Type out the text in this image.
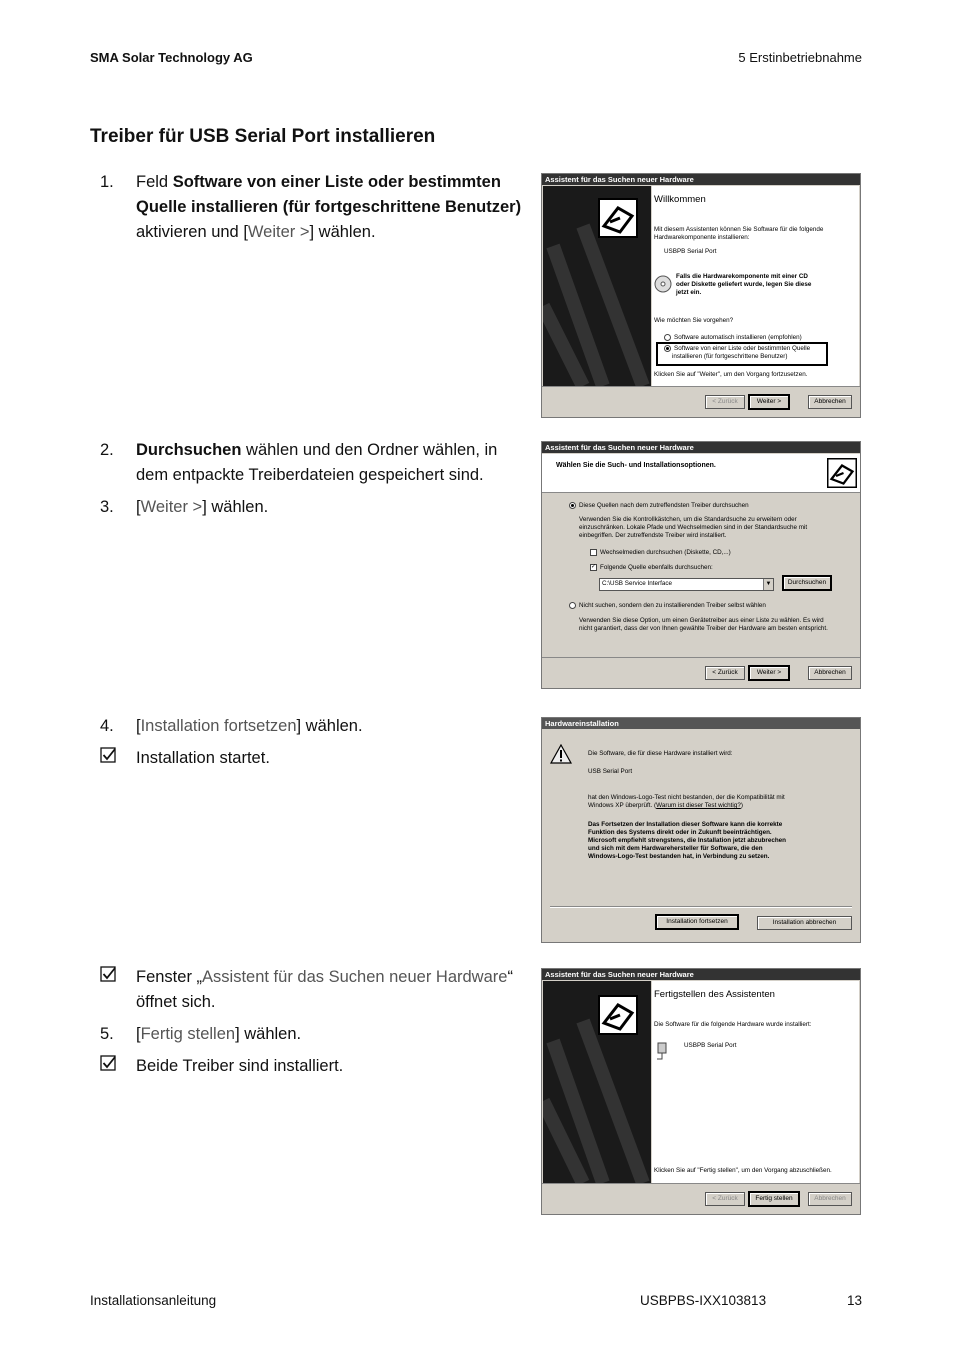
SMA Solar Technology AG	5 Erstinbetriebnahme
Treiber für USB Serial Port installieren
1.	Feld Software von einer Liste oder bestimmten Quelle installieren (für fortgeschrittene Benutzer) aktivieren und [Weiter >] wählen.
2.	Durchsuchen wählen und den Ordner wählen, in dem entpackte Treiberdateien gespeichert sind.
3.	[Weiter >] wählen.
4.	[Installation fortsetzen] wählen.
Installation startet.
Fenster „Assistent für das Suchen neuer Hardware“ öffnet sich.
5.	[Fertig stellen] wählen.
Beide Treiber sind installiert.
Assistent für das Suchen neuer Hardware
Willkommen
Mit diesem Assistenten können Sie Software für die folgende
Hardwarekomponente installieren:
USBPB Serial Port
Falls die Hardwarekomponente mit einer CD
oder Diskette geliefert wurde, legen Sie diese
jetzt ein.
Wie möchten Sie vorgehen?
Software automatisch installieren (empfohlen)
Software von einer Liste oder bestimmten Quelle
installieren (für fortgeschrittene Benutzer)
Klicken Sie auf "Weiter", um den Vorgang fortzusetzen.
< Zurück	Weiter >	Abbrechen
Assistent für das Suchen neuer Hardware
Wählen Sie die Such- und Installationsoptionen.
Diese Quellen nach dem zutreffendsten Treiber durchsuchen
Verwenden Sie die Kontrollkästchen, um die Standardsuche zu erweitern oder
einzuschränken. Lokale Pfade und Wechselmedien sind in der Standardsuche mit
einbegriffen. Der zutreffendste Treiber wird installiert.
Wechselmedien durchsuchen (Diskette, CD,...)
✓ Folgende Quelle ebenfalls durchsuchen:
C:\USB Service Interface	▼	Durchsuchen
Nicht suchen, sondern den zu installierenden Treiber selbst wählen
Verwenden Sie diese Option, um einen Gerätetreiber aus einer Liste zu wählen. Es wird
nicht garantiert, dass der von Ihnen gewählte Treiber der Hardware am besten entspricht.
< Zurück	Weiter >	Abbrechen
Hardwareinstallation
Die Software, die für diese Hardware installiert wird:
USB Serial Port
hat den Windows-Logo-Test nicht bestanden, der die Kompatibilität mit
Windows XP überprüft. (Warum ist dieser Test wichtig?)
Das Fortsetzen der Installation dieser Software kann die korrekte
Funktion des Systems direkt oder in Zukunft beeinträchtigen.
Microsoft empfiehlt strengstens, die Installation jetzt abzubrechen
und sich mit dem Hardwarehersteller für Software, die den
Windows-Logo-Test bestanden hat, in Verbindung zu setzen.
Installation fortsetzen	Installation abbrechen
Assistent für das Suchen neuer Hardware
Fertigstellen des Assistenten
Die Software für die folgende Hardware wurde installiert:
USBPB Serial Port
Klicken Sie auf "Fertig stellen", um den Vorgang abzuschließen.
< Zurück	Fertig stellen	Abbrechen
Installationsanleitung	USBPBS-IXX103813	13
